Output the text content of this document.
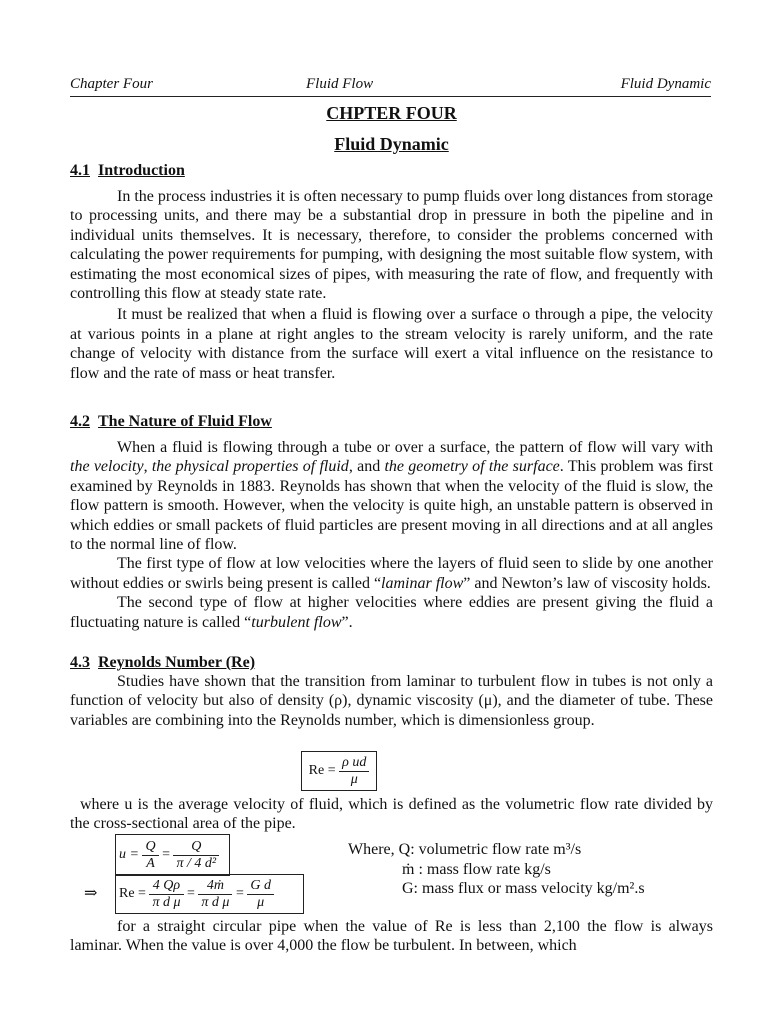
Chapter Four	Fluid Flow	Fluid Dynamic
CHPTER FOUR
Fluid Dynamic
4.1 Introduction

In the process industries it is often necessary to pump fluids over long distances from storage to processing units, and there may be a substantial drop in pressure in both the pipeline and in individual units themselves. It is necessary, therefore, to consider the problems concerned with calculating the power requirements for pumping, with designing the most suitable flow system, with estimating the most economical sizes of pipes, with measuring the rate of flow, and frequently with controlling this flow at steady state rate.

It must be realized that when a fluid is flowing over a surface o through a pipe, the velocity at various points in a plane at right angles to the stream velocity is rarely uniform, and the rate change of velocity with distance from the surface will exert a vital influence on the resistance to flow and the rate of mass or heat transfer.

4.2 The Nature of Fluid Flow

When a fluid is flowing through a tube or over a surface, the pattern of flow will vary with the velocity, the physical properties of fluid, and the geometry of the surface. This problem was first examined by Reynolds in 1883. Reynolds has shown that when the velocity of the fluid is slow, the flow pattern is smooth. However, when the velocity is quite high, an unstable pattern is observed in which eddies or small packets of fluid particles are present moving in all directions and at all angles to the normal line of flow.

The first type of flow at low velocities where the layers of fluid seen to slide by one another without eddies or swirls being present is called “laminar flow” and Newton’s law of viscosity holds.

The second type of flow at higher velocities where eddies are present giving the fluid a fluctuating nature is called “turbulent flow”.

4.3 Reynolds Number (Re)

Studies have shown that the transition from laminar to turbulent flow in tubes is not only a function of velocity but also of density (ρ), dynamic viscosity (μ), and the diameter of tube. These variables are combining into the Reynolds number, which is dimensionless group.

Re =
$\frac{\text{ρ ud}}{\mu}$

where u is the average velocity of fluid, which is defined as the volumetric flow rate divided by the cross-sectional area of the pipe.

u =
$\frac{Q}{A}$
=
$\frac{Q}{\text{π / 4 d²}}$
⇒ Re =
$\frac{4 Q\rho}{\text{π d μ}}$
=
$\frac{\text{4ṁ}}{\text{π d μ}}$
=
$\frac{\text{G d}}{\mu}$
Where, Q: volumetric flow rate m³/s
ṁ : mass flow rate kg/s
G: mass flux or mass velocity kg/m².s

for a straight circular pipe when the value of Re is less than 2,100 the flow is always laminar. When the value is over 4,000 the flow be turbulent. In between, which
